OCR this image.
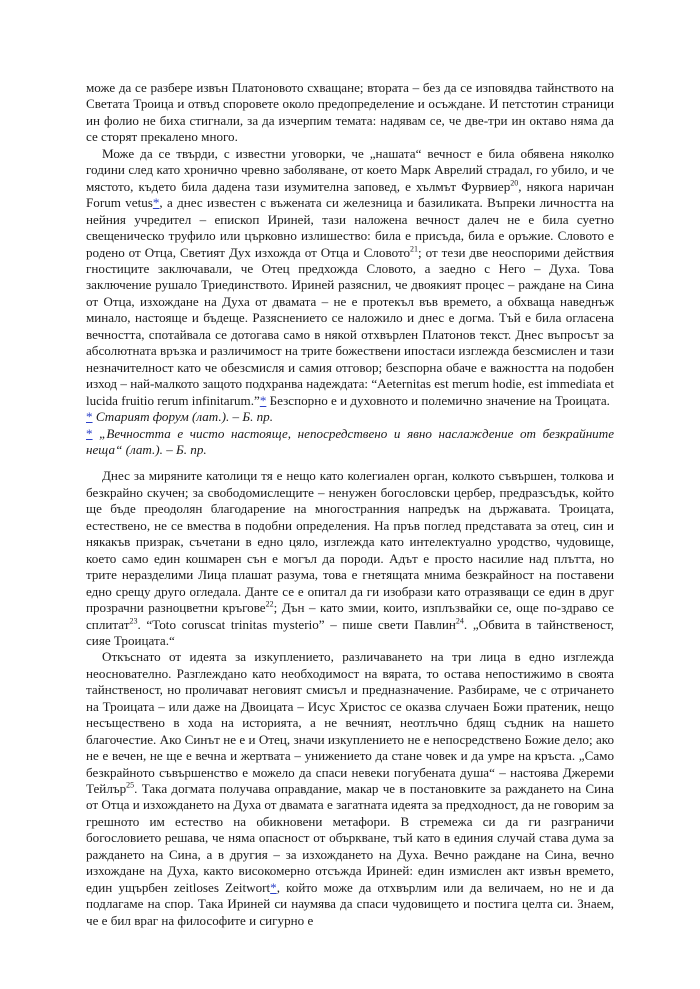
може да се разбере извън Платоновото схващане; втората – без да се изповядва тайнството на Светата Троица и отвъд споровете около предопределение и осъждане. И петстотин страници ин фолио не биха стигнали, за да изчерпим темата: надявам се, че две-три ин октаво няма да се сторят прекалено много.

Може да се твърди, с известни уговорки, че „нашата“ вечност е била обявена няколко години след като хронично чревно заболяване, от което Марк Аврелий страдал, го убило, и че мястото, където била дадена тази изумителна заповед, е хълмът Фурвиер$^{20}$, някога наричан Forum vetus*, а днес известен с въжената си железница и базиликата. Въпреки личността на нейния учредител – епископ Ириней, тази наложена вечност далеч не е била суетно свещеническо труфило или църковно излишество: била е присъда, била е оръжие. Словото е родено от Отца, Светият Дух изхожда от Отца и Словото$^{21}$; от тези две неоспорими действия гностиците заключавали, че Отец предхожда Словото, а заедно с Него – Духа. Това заключение рушало Триединството. Ириней разяснил, че двоякият процес – раждане на Сина от Отца, изхождане на Духа от двамата – не е протекъл във времето, а обхваща наведнъж минало, настояще и бъдеще. Разяснението се наложило и днес е догма. Тъй е била огласена вечността, спотайвала се дотогава само в някой отхвърлен Платонов текст. Днес въпросът за абсолютната връзка и различимост на трите божествени ипостаси изглежда безсмислен и тази незначителност като че обезсмисля и самия отговор; безспорна обаче е важността на подобен изход – най-малкото защото подхранва надеждата: “Aeternitas est merum hodie, est immediata et lucida fruitio rerum infinitarum.”* Безспорно е и духовното и полемично значение на Троицата.

* Старият форум (лат.). – Б. пр.

* „Вечността е чисто настояще, непосредствено и явно наслаждение от безкрайните неща“ (лат.). – Б. пр.

Днес за миряните католици тя е нещо като колегиален орган, колкото съвършен, толкова и безкрайно скучен; за свободомислещите – ненужен богословски цербер, предразсъдък, който ще бъде преодолян благодарение на многостранния напредък на държавата. Троицата, естествено, не се вмества в подобни определения. На пръв поглед представата за отец, син и някакъв призрак, съчетани в едно цяло, изглежда като интелектуално уродство, чудовище, което само един кошмарен сън е могъл да породи. Адът е просто насилие над плътта, но трите неразделими Лица плашат разума, това е гнетящата мнима безкрайност на поставени едно срещу друго огледала. Данте се е опитал да ги изобрази като отразяващи се един в друг прозрачни разноцветни кръгове$^{22}$; Дън – като змии, които, изплъзвайки се, още по-здраво се сплитат$^{23}$. “Toto coruscat trinitas mysterio” – пише свети Павлин$^{24}$. „Обвита в тайнственост, сияе Троицата.“

Откъснато от идеята за изкуплението, различаването на три лица в едно изглежда неоснователно. Разглеждано като необходимост на вярата, то остава непостижимо в своята тайнственост, но проличават неговият смисъл и предназначение. Разбираме, че с отричането на Троицата – или даже на Двоицата – Исус Христос се оказва случаен Божи пратеник, нещо несъществено в хода на историята, а не вечният, неотлъчно бдящ съдник на нашето благочестие. Ако Синът не е и Отец, значи изкуплението не е непосредствено Божие дело; ако не е вечен, не ще е вечна и жертвата – унижението да стане човек и да умре на кръста. „Само безкрайното съвършенство е можело да спаси невеки погубената душа“ – настоява Джереми Тейлър$^{25}$. Така догмата получава оправдание, макар че в постановките за раждането на Сина от Отца и изхождането на Духа от двамата е загатната идеята за предходност, да не говорим за грешното им естество на обикновени метафори. В стремежа си да ги разграничи богословието решава, че няма опасност от объркване, тъй като в единия случай става дума за раждането на Сина, а в другия – за изхождането на Духа. Вечно раждане на Сина, вечно изхождане на Духа, както високомерно отсъжда Ириней: един измислен акт извън времето, един ущърбен zeitloses Zeitwort*, който може да отхвърлим или да величаем, но не и да подлагаме на спор. Така Ириней си наумява да спаси чудовището и постига целта си. Знаем, че е бил враг на философите и сигурно е
